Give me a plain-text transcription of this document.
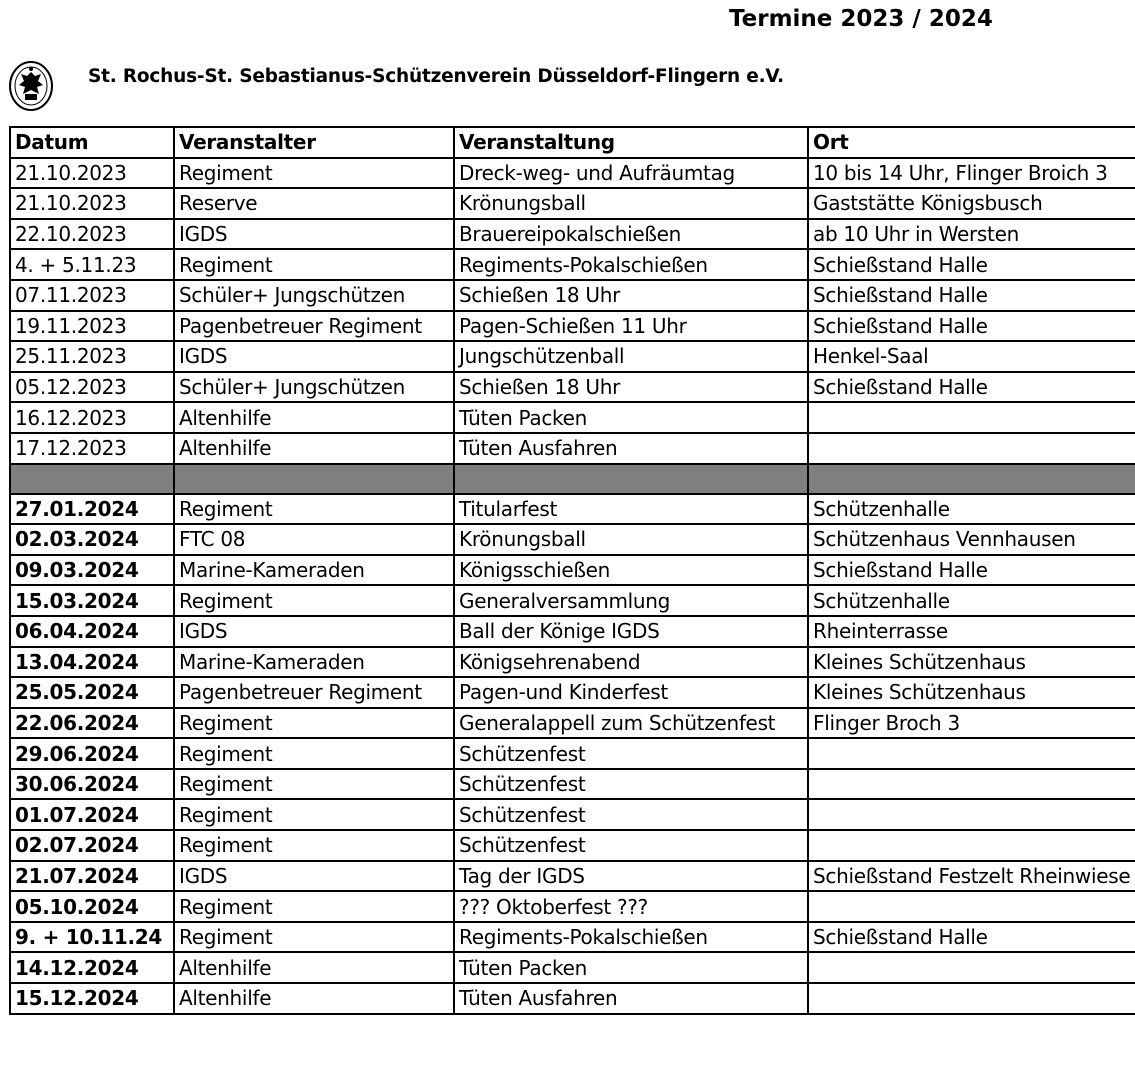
Termine 2023 / 2024
St. Rochus-St. Sebastianus-Schützenverein Düsseldorf-Flingern e.V.
Datum	Veranstalter	Veranstaltung	Ort
21.10.2023	Regiment	Dreck-weg- und Aufräumtag	10 bis 14 Uhr, Flinger Broich 3
21.10.2023	Reserve	Krönungsball	Gaststätte Königsbusch
22.10.2023	IGDS	Brauereipokalschießen	ab 10 Uhr in Wersten
4. + 5.11.23	Regiment	Regiments-Pokalschießen	Schießstand Halle
07.11.2023	Schüler+ Jungschützen	Schießen 18 Uhr	Schießstand Halle
19.11.2023	Pagenbetreuer Regiment	Pagen-Schießen 11 Uhr	Schießstand Halle
25.11.2023	IGDS	Jungschützenball	Henkel-Saal
05.12.2023	Schüler+ Jungschützen	Schießen 18 Uhr	Schießstand Halle
16.12.2023	Altenhilfe	Tüten Packen	
17.12.2023	Altenhilfe	Tüten Ausfahren	

27.01.2024	Regiment	Titularfest	Schützenhalle
02.03.2024	FTC 08	Krönungsball	Schützenhaus Vennhausen
09.03.2024	Marine-Kameraden	Königsschießen	Schießstand Halle
15.03.2024	Regiment	Generalversammlung	Schützenhalle
06.04.2024	IGDS	Ball der Könige IGDS	Rheinterrasse
13.04.2024	Marine-Kameraden	Königsehrenabend	Kleines Schützenhaus
25.05.2024	Pagenbetreuer Regiment	Pagen-und Kinderfest	Kleines Schützenhaus
22.06.2024	Regiment	Generalappell zum Schützenfest	Flinger Broch 3
29.06.2024	Regiment	Schützenfest	
30.06.2024	Regiment	Schützenfest	
01.07.2024	Regiment	Schützenfest	
02.07.2024	Regiment	Schützenfest	
21.07.2024	IGDS	Tag der IGDS	Schießstand Festzelt Rheinwiese
05.10.2024	Regiment	??? Oktoberfest ???	
9. + 10.11.24	Regiment	Regiments-Pokalschießen	Schießstand Halle
14.12.2024	Altenhilfe	Tüten Packen	
15.12.2024	Altenhilfe	Tüten Ausfahren	
